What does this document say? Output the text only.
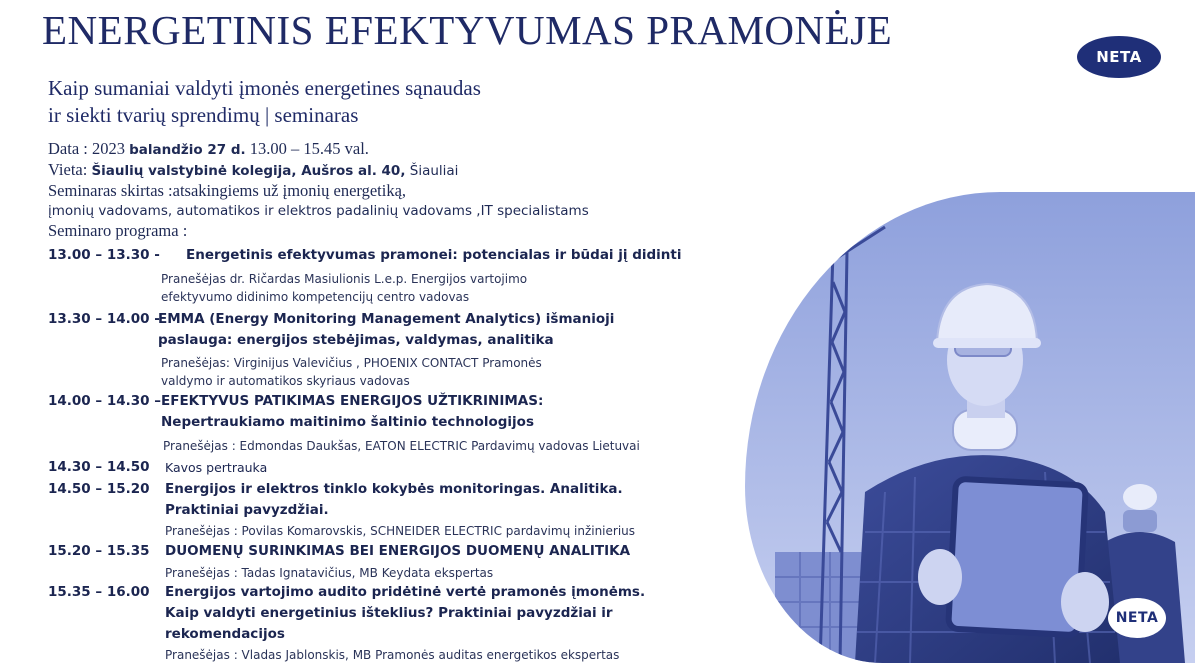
ENERGETINIS EFEKTYVUMAS PRAMONĖJE
Kaip sumaniai valdyti įmonės energetines sąnaudas
ir siekti tvarių sprendimų | seminaras
NETA
Data : 2023 balandžio 27 d. 13.00 – 15.45 val.
Vieta: Šiaulių valstybinė kolegija, Aušros al. 40, Šiauliai
Seminaras skirtas :atsakingiems už įmonių energetiką,
įmonių vadovams, automatikos ir elektros padalinių vadovams ,IT specialistams
Seminaro programa :
13.00 – 13.30 - Energetinis efektyvumas pramonei: potencialas ir būdai jį didinti
Pranešėjas dr. Ričardas Masiulionis L.e.p. Energijos vartojimo
efektyvumo didinimo kompetencijų centro vadovas
13.30 – 14.00 -
EMMA (Energy Monitoring Management Analytics) išmanioji
paslauga: energijos stebėjimas, valdymas, analitika
Pranešėjas: Virginijus Valevičius , PHOENIX CONTACT Pramonės
valdymo ir automatikos skyriaus vadovas
14.00 – 14.30 – EFEKTYVUS PATIKIMAS ENERGIJOS UŽTIKRINIMAS:
Nepertraukiamo maitinimo šaltinio technologijos
Pranešėjas : Edmondas Daukšas, EATON ELECTRIC Pardavimų vadovas Lietuvai
14.30 – 14.50 Kavos pertrauka
14.50 – 15.20 Energijos ir elektros tinklo kokybės monitoringas. Analitika.
Praktiniai pavyzdžiai.
Pranešėjas : Povilas Komarovskis, SCHNEIDER ELECTRIC pardavimų inžinierius
15.20 – 15.35 DUOMENŲ SURINKIMAS BEI ENERGIJOS DUOMENŲ ANALITIKA
Pranešėjas : Tadas Ignatavičius, MB Keydata ekspertas
15.35 – 16.00 Energijos vartojimo audito pridėtinė vertė pramonės įmonėms.
Kaip valdyti energetinius išteklius? Praktiniai pavyzdžiai ir
rekomendacijos
Pranešėjas : Vladas Jablonskis, MB Pramonės auditas energetikos ekspertas
NETA
